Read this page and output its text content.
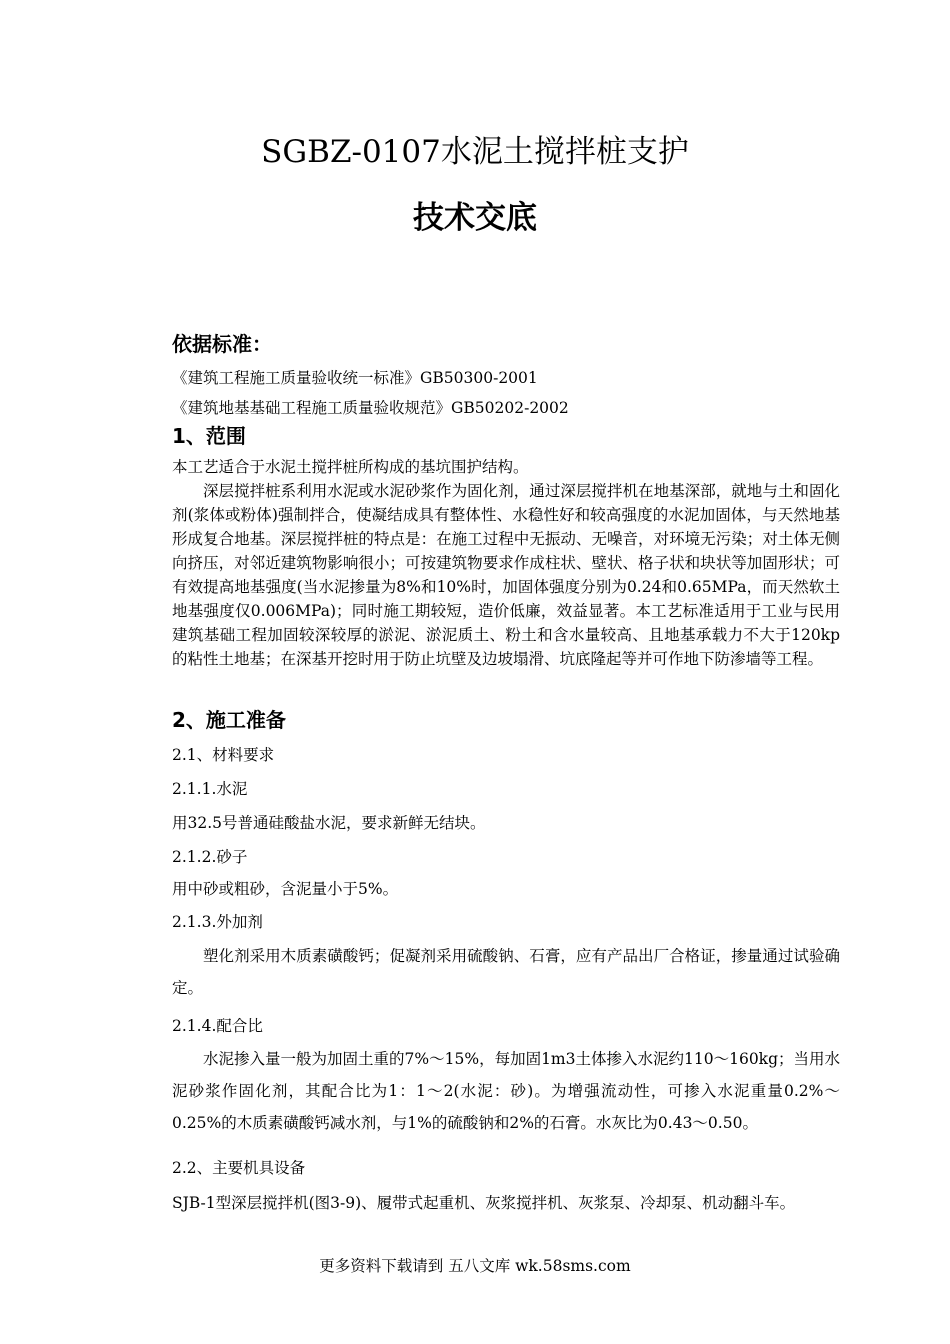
SGBZ-0107水泥土搅拌桩支护
技术交底
依据标准：
《建筑工程施工质量验收统一标准》GB50300-2001
《建筑地基基础工程施工质量验收规范》GB50202-2002
1、范围
本工艺适合于水泥土搅拌桩所构成的基坑围护结构。
深层搅拌桩系利用水泥或水泥砂浆作为固化剂，通过深层搅拌机在地基深部，就地与土和固化剂(浆体或粉体)强制拌合，使凝结成具有整体性、水稳性好和较高强度的水泥加固体，与天然地基形成复合地基。深层搅拌桩的特点是：在施工过程中无振动、无噪音，对环境无污染；对土体无侧向挤压，对邻近建筑物影响很小；可按建筑物要求作成柱状、壁状、格子状和块状等加固形状；可有效提高地基强度(当水泥掺量为8%和10%时，加固体强度分别为0.24和0.65MPa，而天然软土地基强度仅0.006MPa)；同时施工期较短，造价低廉，效益显著。本工艺标准适用于工业与民用建筑基础工程加固较深较厚的淤泥、淤泥质土、粉土和含水量较高、且地基承载力不大于120kp的粘性土地基；在深基开挖时用于防止坑壁及边坡塌滑、坑底隆起等并可作地下防渗墙等工程。
2、施工准备
2.1、材料要求
2.1.1.水泥
用32.5号普通硅酸盐水泥，要求新鲜无结块。
2.1.2.砂子
用中砂或粗砂，含泥量小于5%。
2.1.3.外加剂
塑化剂采用木质素磺酸钙；促凝剂采用硫酸钠、石膏，应有产品出厂合格证，掺量通过试验确定。
2.1.4.配合比
水泥掺入量一般为加固土重的7%～15%，每加固1m3土体掺入水泥约110～160kg；当用水泥砂浆作固化剂，其配合比为1：1～2(水泥：砂)。为增强流动性，可掺入水泥重量0.2%～0.25%的木质素磺酸钙减水剂，与1%的硫酸钠和2%的石膏。水灰比为0.43～0.50。
2.2、主要机具设备
SJB-1型深层搅拌机(图3-9)、履带式起重机、灰浆搅拌机、灰浆泵、冷却泵、机动翻斗车。
更多资料下载请到 五八文库 wk.58sms.com
